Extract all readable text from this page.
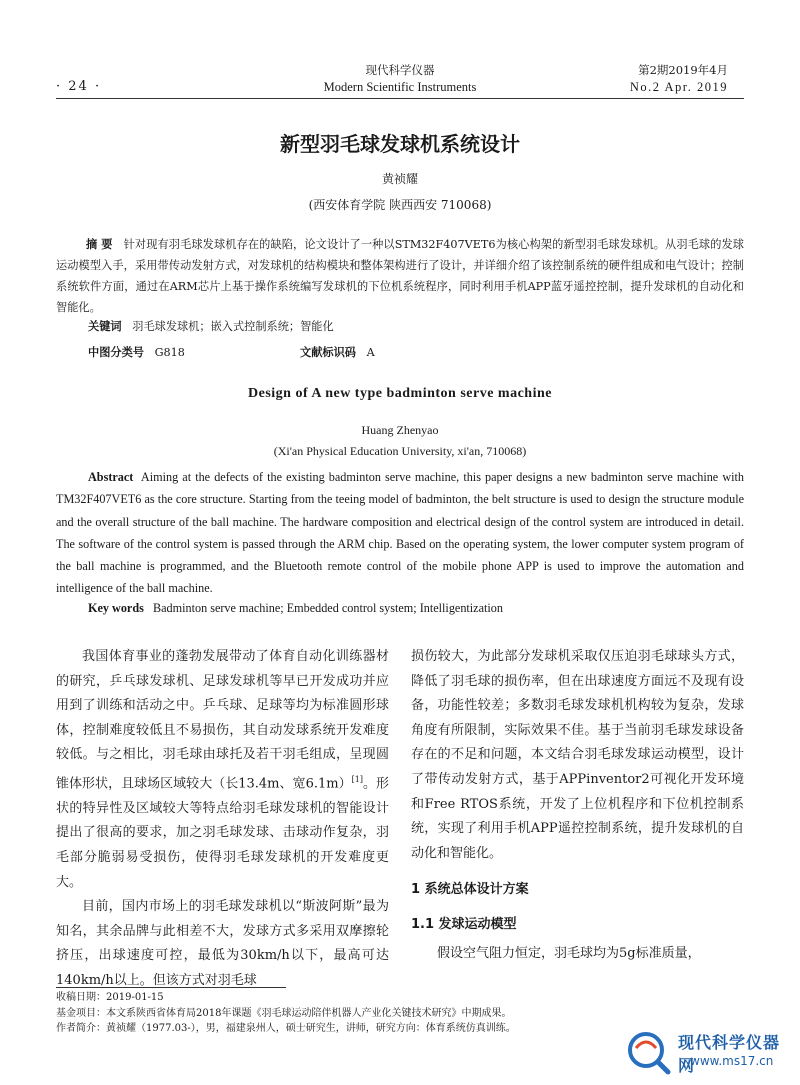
· 24 ·
现代科学仪器
Modern Scientific Instruments
第2期2019年4月
No.2 Apr. 2019
新型羽毛球发球机系统设计
黄祯耀
(西安体育学院 陕西西安 710068)
摘 要 针对现有羽毛球发球机存在的缺陷，论文设计了一种以STM32F407VET6为核心构架的新型羽毛球发球机。从羽毛球的发球运动模型入手，采用带传动发射方式，对发球机的结构模块和整体架构进行了设计，并详细介绍了该控制系统的硬件组成和电气设计；控制系统软件方面，通过在ARM芯片上基于操作系统编写发球机的下位机系统程序，同时利用手机APP蓝牙遥控控制，提升发球机的自动化和智能化。
关键词 羽毛球发球机；嵌入式控制系统；智能化
中图分类号 G818	文献标识码 A
Design of A new type badminton serve machine
Huang Zhenyao
(Xi'an Physical Education University, xi'an, 710068)
Abstract Aiming at the defects of the existing badminton serve machine, this paper designs a new badminton serve machine with TM32F407VET6 as the core structure. Starting from the teeing model of badminton, the belt structure is used to design the structure module and the overall structure of the ball machine. The hardware composition and electrical design of the control system are introduced in detail. The software of the control system is passed through the ARM chip. Based on the operating system, the lower computer system program of the ball machine is programmed, and the Bluetooth remote control of the mobile phone APP is used to improve the automation and intelligence of the ball machine.
Key words Badminton serve machine; Embedded control system; Intelligentization

我国体育事业的蓬勃发展带动了体育自动化训练器材的研究，乒乓球发球机、足球发球机等早已开发成功并应用到了训练和活动之中。乒乓球、足球等均为标准圆形球体，控制难度较低且不易损伤，其自动发球系统开发难度较低。与之相比，羽毛球由球托及若干羽毛组成，呈现圆锥体形状，且球场区域较大（长13.4m、宽6.1m）[1]。形状的特异性及区域较大等特点给羽毛球发球机的智能设计提出了很高的要求，加之羽毛球发球、击球动作复杂，羽毛部分脆弱易受损伤，使得羽毛球发球机的开发难度更大。

目前，国内市场上的羽毛球发球机以“斯波阿斯”最为知名，其余品牌与此相差不大，发球方式多采用双摩擦轮挤压，出球速度可控，最低为30km/h以下，最高可达140km/h以上。但该方式对羽毛球

损伤较大，为此部分发球机采取仅压迫羽毛球球头方式，降低了羽毛球的损伤率，但在出球速度方面远不及现有设备，功能性较差；多数羽毛球发球机机构较为复杂，发球角度有所限制，实际效果不佳。基于当前羽毛球发球设备存在的不足和问题，本文结合羽毛球发球运动模型，设计了带传动发射方式，基于APPinventor2可视化开发环境和Free RTOS系统，开发了上位机程序和下位机控制系统，实现了利用手机APP遥控控制系统，提升发球机的自动化和智能化。

1 系统总体设计方案
1.1 发球运动模型

假设空气阻力恒定，羽毛球均为5g标准质量，

收稿日期：2019-01-15
基金项目：本文系陕西省体育局2018年课题《羽毛球运动陪伴机器人产业化关键技术研究》中期成果。
作者简介：黄祯耀（1977.03-），男，福建泉州人，硕士研究生，讲师，研究方向：体育系统仿真训练。
现代科学仪器网
www.ms17.cn
